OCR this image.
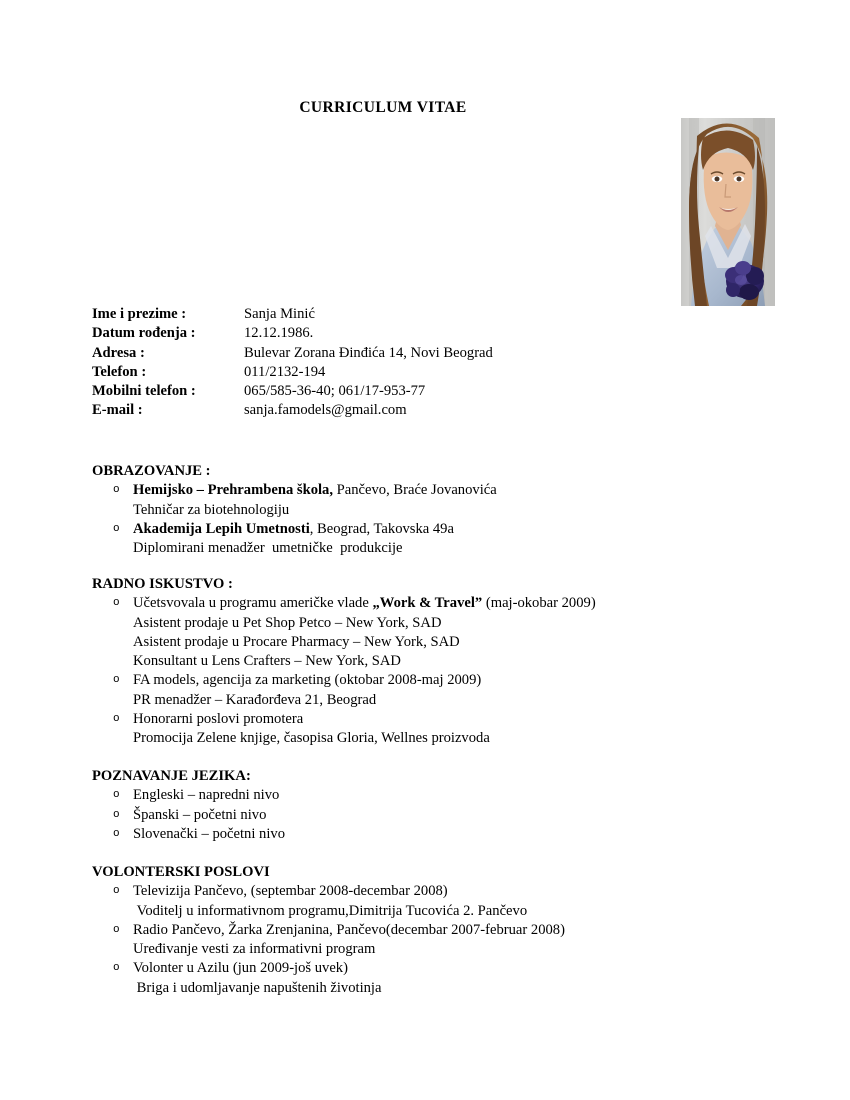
CURRICULUM VITAE
Ime i prezime :	Sanja Minić
Datum rođenja :	12.12.1986.
Adresa :	Bulevar Zorana Đinđića 14, Novi Beograd
Telefon :	011/2132-194
Mobilni telefon :	065/585-36-40; 061/17-953-77
E-mail :	sanja.famodels@gmail.com
OBRAZOVANJE :
o Hemijsko – Prehrambena škola, Pančevo, Braće Jovanovića
Tehničar za biotehnologiju
o Akademija Lepih Umetnosti, Beograd, Takovska 49a
Diplomirani menadžer  umetničke  produkcije
RADNO ISKUSTVO :
o Učetsvovala u programu američke vlade „Work & Travel” (maj-okobar 2009)
Asistent prodaje u Pet Shop Petco – New York, SAD
Asistent prodaje u Procare Pharmacy – New York, SAD
Konsultant u Lens Crafters – New York, SAD
o FA models, agencija za marketing (oktobar 2008-maj 2009)
PR menadžer – Karađorđeva 21, Beograd
o Honorarni poslovi promotera
Promocija Zelene knjige, časopisa Gloria, Wellnes proizvoda
POZNAVANJE JEZIKA:
o Engleski – napredni nivo
o Španski – početni nivo
o Slovenački – početni nivo
VOLONTERSKI POSLOVI
o Televizija Pančevo, (septembar 2008-decembar 2008)
Voditelj u informativnom programu,Dimitrija Tucovića 2. Pančevo
o Radio Pančevo, Žarka Zrenjanina, Pančevo(decembar 2007-februar 2008)
Uređivanje vesti za informativni program
o Volonter u Azilu (jun 2009-još uvek)
Briga i udomljavanje napuštenih životinja
